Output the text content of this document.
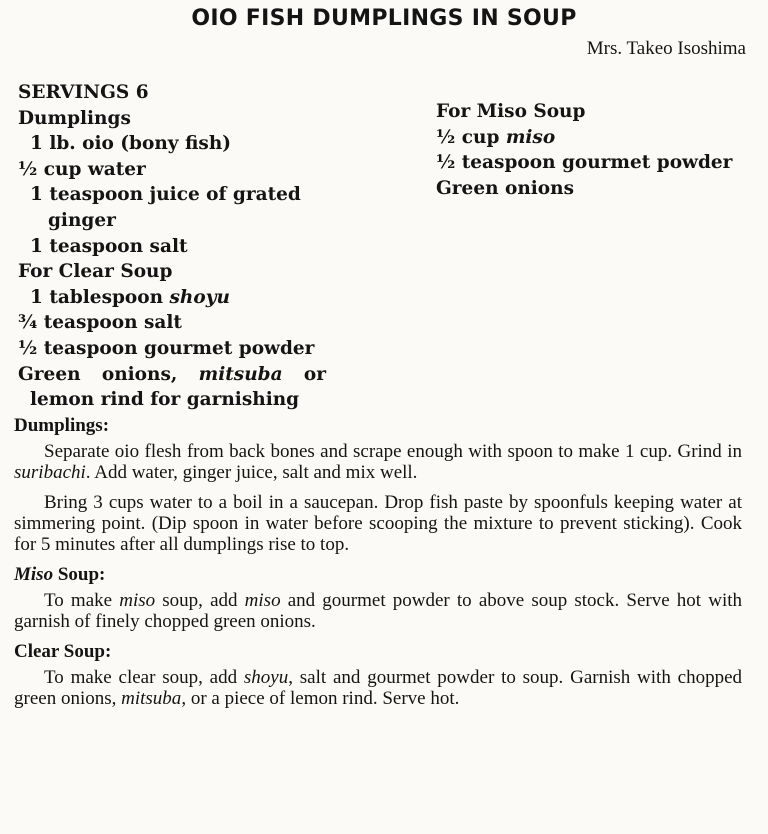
OIO FISH DUMPLINGS IN SOUP
Mrs. Takeo Isoshima
SERVINGS 6
Dumplings
1 lb. oio (bony fish)
½ cup water
1 teaspoon juice of grated
ginger
1 teaspoon salt
For Clear Soup
1 tablespoon shoyu
¾ teaspoon salt
½ teaspoon gourmet powder
Green onions, mitsuba or
lemon rind for garnishing
For Miso Soup
½ cup miso
½ teaspoon gourmet powder
Green onions
Dumplings:

Separate oio flesh from back bones and scrape enough with spoon to make 1 cup. Grind in suribachi. Add water, ginger juice, salt and mix well.

Bring 3 cups water to a boil in a saucepan. Drop fish paste by spoonfuls keeping water at simmering point. (Dip spoon in water before scooping the mixture to prevent sticking). Cook for 5 minutes after all dumplings rise to top.

Miso Soup:

To make miso soup, add miso and gourmet powder to above soup stock. Serve hot with garnish of finely chopped green onions.

Clear Soup:

To make clear soup, add shoyu, salt and gourmet powder to soup. Garnish with chopped green onions, mitsuba, or a piece of lemon rind. Serve hot.
